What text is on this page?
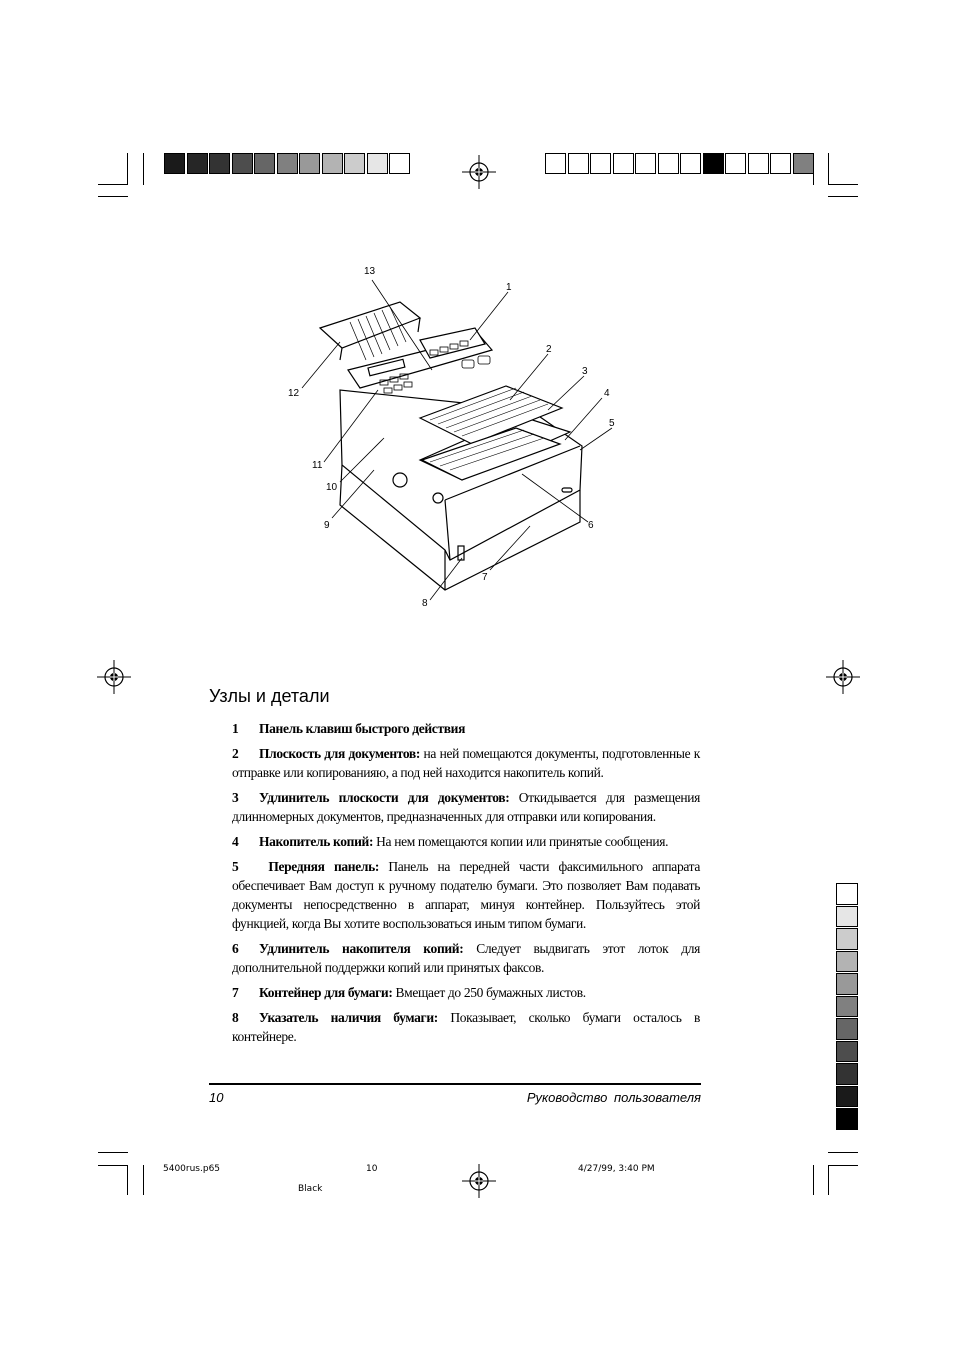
13
1
2
3
4
5
6
7
8
9
10
11
12
Узлы и детали
1 Панель клавиш быстрого действия
2 Плоскость для документов: на ней помещаются документы, подготовленные к отправке или копированияю, а под ней находится накопитель копий.
3 Удлинитель плоскости для документов: Откидывается для размещения длинномерных документов, предназначенных для отправки или копирования.
4 Накопитель копий: На нем помещаются копии или принятые сообщения.
5 Передняя панель: Панель на передней части факсимильного аппарата обеспечивает Вам доступ к ручному подателю бумаги. Это позволяет Вам подавать документы непосредственно в аппарат, минуя контейнер. Пользуйтесь этой функцией, когда Вы хотите воспользоваться иным типом бумаги.
6 Удлинитель накопителя копий: Следует выдвигать этот лоток для дополнительной поддержки копий или принятых факсов.
7 Контейнер для бумаги: Вмещает до 250 бумажных листов.
8 Указатель наличия бумаги: Показывает, сколько бумаги осталось в контейнере.
10	Руководство пользователя
5400rus.p65	10	4/27/99, 3:40 PM
Black
